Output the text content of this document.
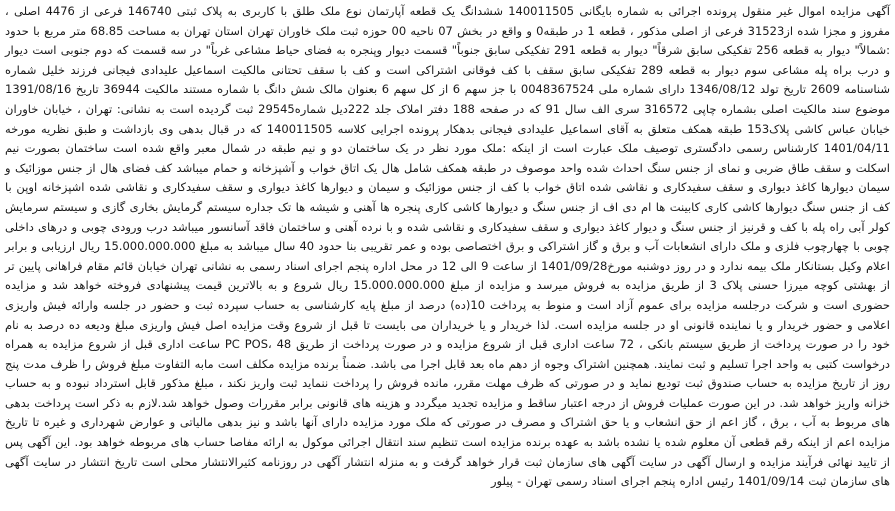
آگهی مزایده اموال غیر منقول پرونده اجرائی به شماره بایگانی 140011505 ششدانگ یک قطعه آپارتمان نوع ملک طلق با کاربری به پلاک ثبتی 146740 فرعی از 4476 اصلی ، مفروز و مجزا شده از31523 فرعی از اصلی مذکور ، قطعه 1 در طبقه0 و واقع در بخش 07 ناحیه 00 حوزه ثبت ملک خاوران تهران استان تهران به مساحت 68.85 متر مربع با حدود :شمالاً" دیوار به قطعه 256 تفکیکی سابق شرقاً" دیوار به قطعه 291 تفکیکی سابق جنوباً" قسمت دیوار وپنجره به فضای حیاط مشاعی غرباً" در سه قسمت که دوم جنوبی است دیوار و درب براه پله مشاعی سوم دیوار به قطعه 289 تفکیکی سابق سقف با کف فوقانی اشتراکی است و کف با سقف تحتانی مالکیت اسماعیل علیدادی فیجانی فرزند خلیل شماره شناسنامه 2609 تاریخ تولد 1346/08/12 دارای شماره ملی 0048367524 با جز سهم 6 از کل سهم 6 بعنوان مالک شش دانگ با شماره مستند مالکیت 36944 تاریخ 1391/08/16 موضوع سند مالکیت اصلی بشماره چاپی 316572 سری الف سال 91 که در صفحه 188 دفتر املاک جلد 222دیل شماره29545 ثبت گردیده است به نشانی: تهران ، خیابان خاوران خیابان عباس کاشی پلاک153 طبقه همکف متعلق به آقای اسماعیل علیدادی فیجانی بدهکار پرونده اجرایی کلاسه 140011505 که در قبال بدهی وی بازداشت و طبق نظریه مورخه 1401/04/11 کارشناس رسمی دادگستری توصیف ملک عبارت است از اینکه :ملک مورد نظر در یک ساختمان دو و نیم طبقه در شمال معبر واقع شده است ساختمان بصورت نیم اسکلت و سقف طاق ضربی و نمای از جنس سنگ احداث شده واحد موصوف در طبقه همکف شامل هال یک اتاق خواب و آشپزخانه و حمام میباشد کف فضای هال از جنس موزائیک و سیمان دیوارها کاغذ دیواری و سقف سفیدکاری و نقاشی شده اتاق خواب با کف از جنس موزائیک و سیمان و دیوارها کاغذ دیواری و سقف سفیدکاری و نقاشی شده اشپزخانه اوپن با کف از جنس سنگ دیوارها کاشی کاری کابینت ها ام دی اف از جنس سنگ و دیوارها کاشی کاری پنجره ها آهنی و شیشه ها تک جداره سیستم گرمایش بخاری گازی و سیستم سرمایش کولر آبی راه پله با کف و قرنیز از جنس سنگ و دیوار کاغذ دیواری و سقف سفیدکاری و نقاشی شده و با نرده آهنی و ساختمان فاقد آسانسور میباشد درب ورودی چوبی و درهای داخلی چوبی با چهارچوب فلزی و ملک دارای انشعابات آب و برق و گاز اشتراکی و برق اختصاصی بوده و عمر تقریبی بنا حدود 40 سال میباشد به مبلغ 15.000.000.000 ریال ارزیابی و برابر اعلام وکیل بستانکار ملک بیمه ندارد و در روز دوشنبه مورخ1401/09/28 از ساعت 9 الی 12 در محل اداره پنجم اجرای اسناد رسمی به نشانی تهران خیابان قائم مقام فراهانی پایین تر از بهشتی کوچه میرزا حسنی پلاک 3 از طریق مزایده به فروش میرسد و مزایده از مبلغ 15.000.000.000 ریال شروع و به بالاترین قیمت پیشنهادی فروخته خواهد شد و مزایده حضوری است و شرکت درجلسه مزایده برای عموم آزاد است و منوط به پرداخت 10(ده) درصد از مبلغ پایه کارشناسی به حساب سپرده ثبت و حضور در جلسه وارائه فیش واریزی اعلامی و حضور خریدار و یا نماینده قانونی او در جلسه مزایده است. لذا خریدار و یا خریداران می بایست تا قبل از شروع وقت مزایده اصل فیش واریزی مبلغ ودیعه ده درصد به نام خود را در صورت پرداخت از طریق سیستم بانکی ، 72 ساعت اداری قبل از شروع مزایده و در صورت پرداخت از طریق PC POS، 48 ساعت اداری قبل از شروع مزایده به همراه درخواست کتبی به واحد اجرا تسلیم و ثبت نمایند. همچنین اشتراک وجوه از دهم ماه بعد قابل اجرا می باشد. ضمناً برنده مزایده مکلف است مابه التفاوت مبلغ فروش را ظرف مدت پنج روز از تاریخ مزایده به حساب صندوق ثبت تودیع نماید و در صورتی که ظرف مهلت مقرر، مانده فروش را پرداخت ننماید ثبت واریز نکند ، مبلغ مذکور قابل استرداد نبوده و به حساب خزانه واریز خواهد شد. در این صورت عملیات فروش از درجه اعتبار ساقط و مزایده تجدید میگردد و هزینه های قانونی برابر مقررات وصول خواهد شد.لازم به ذکر است پرداخت بدهی های مربوط به آب ، برق ، گاز اعم از حق انشعاب و یا حق اشتراک و مصرف در صورتی که ملک مورد مزایده دارای آنها باشد و نیز بدهی مالیاتی و عوارض شهرداری و غیره تا تاریخ مزایده اعم از اینکه رقم قطعی آن معلوم شده یا نشده باشد به عهده برنده مزایده است تنظیم سند انتقال اجرائی موکول به ارائه مفاصا حساب های مربوطه خواهد بود. این آگهی پس از تایید نهائی فرآیند مزایده و ارسال آگهی در سایت آگهی های سازمان ثبت قرار خواهد گرفت و به منزله انتشار آگهی در روزنامه کثیرالانتشار محلی است تاریخ انتشار در سایت آگهی های سازمان ثبت 1401/09/14 رئیس اداره پنجم اجرای اسناد رسمی تهران - پیلور
